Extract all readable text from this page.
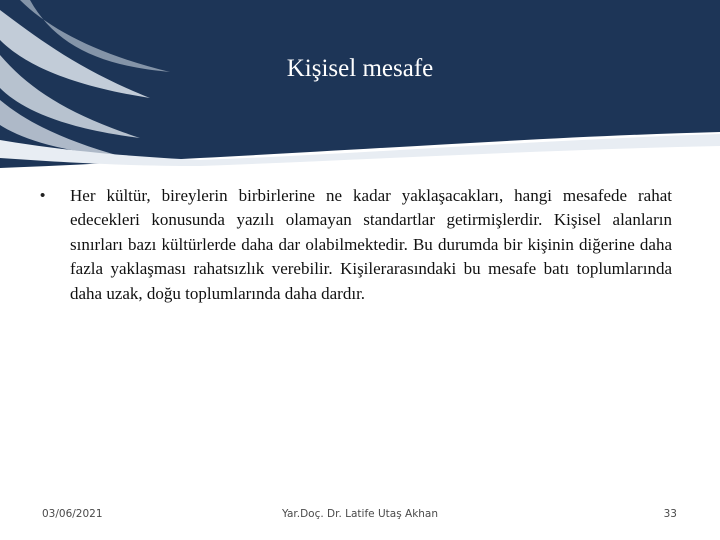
Kişisel mesafe
• Her kültür, bireylerin birbirlerine ne kadar yaklaşacakları, hangi mesafede rahat edecekleri konusunda yazılı olamayan standartlar getirmişlerdir. Kişisel alanların sınırları bazı kültürlerde daha dar olabilmektedir. Bu durumda bir kişinin diğerine daha fazla yaklaşması rahatsızlık verebilir. Kişilerarasındaki bu mesafe batı toplumlarında daha uzak, doğu toplumlarında daha dardır.

03/06/2021	Yar.Doç. Dr. Latife Utaş Akhan	33
